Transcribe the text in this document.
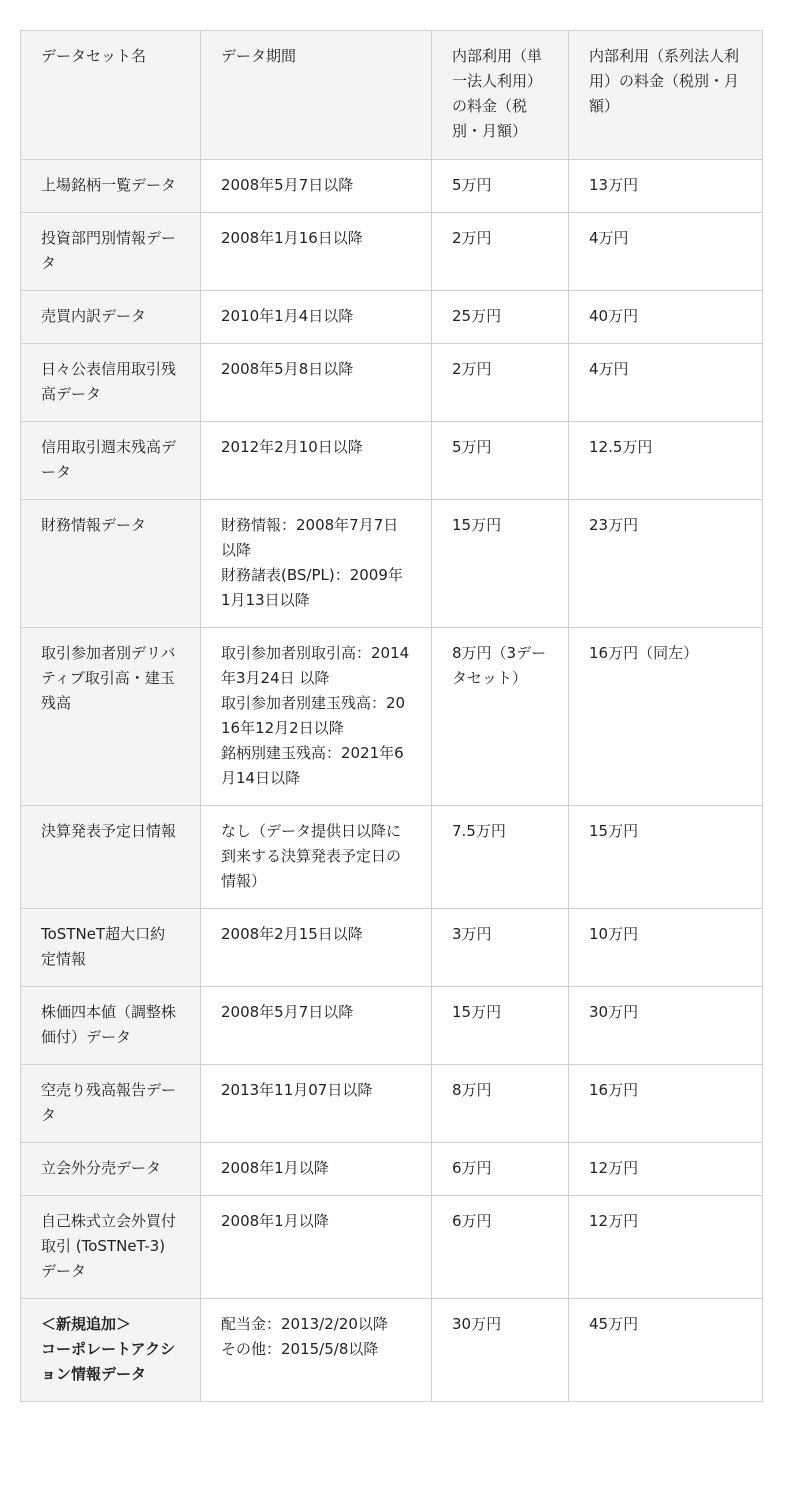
データセット名	データ期間	内部利用（単一法人利用）の料金（税別・月額）	内部利用（系列法人利用）の料金（税別・月額）

上場銘柄一覧データ	2008年5月7日以降	5万円	13万円

投資部門別情報データ	2008年1月16日以降	2万円	4万円

売買内訳データ	2010年1月4日以降	25万円	40万円

日々公表信用取引残高データ	2008年5月8日以降	2万円	4万円

信用取引週末残高データ	2012年2月10日以降	5万円	12.5万円

財務情報データ	財務情報：2008年7月7日以降
財務諸表(BS/PL)：2009年1月13日以降	15万円	23万円

取引参加者別デリバティブ取引高・建玉残高	取引参加者別取引高：2014年3月24日 以降
取引参加者別建玉残高：2016年12月2日以降
銘柄別建玉残高：2021年6月14日以降	8万円（3データセット）	16万円（同左）

決算発表予定日情報	なし（データ提供日以降に到来する決算発表予定日の情報）	7.5万円	15万円

ToSTNeT超大口約定情報	2008年2月15日以降	3万円	10万円

株価四本値（調整株価付）データ	2008年5月7日以降	15万円	30万円

空売り残高報告データ	2013年11月07日以降	8万円	16万円

立会外分売データ	2008年1月以降	6万円	12万円

自己株式立会外買付取引 (ToSTNeT-3)データ	2008年1月以降	6万円	12万円

＜新規追加＞
コーポレートアクション情報データ	配当金：2013/2/20以降
その他：2015/5/8以降	30万円	45万円
